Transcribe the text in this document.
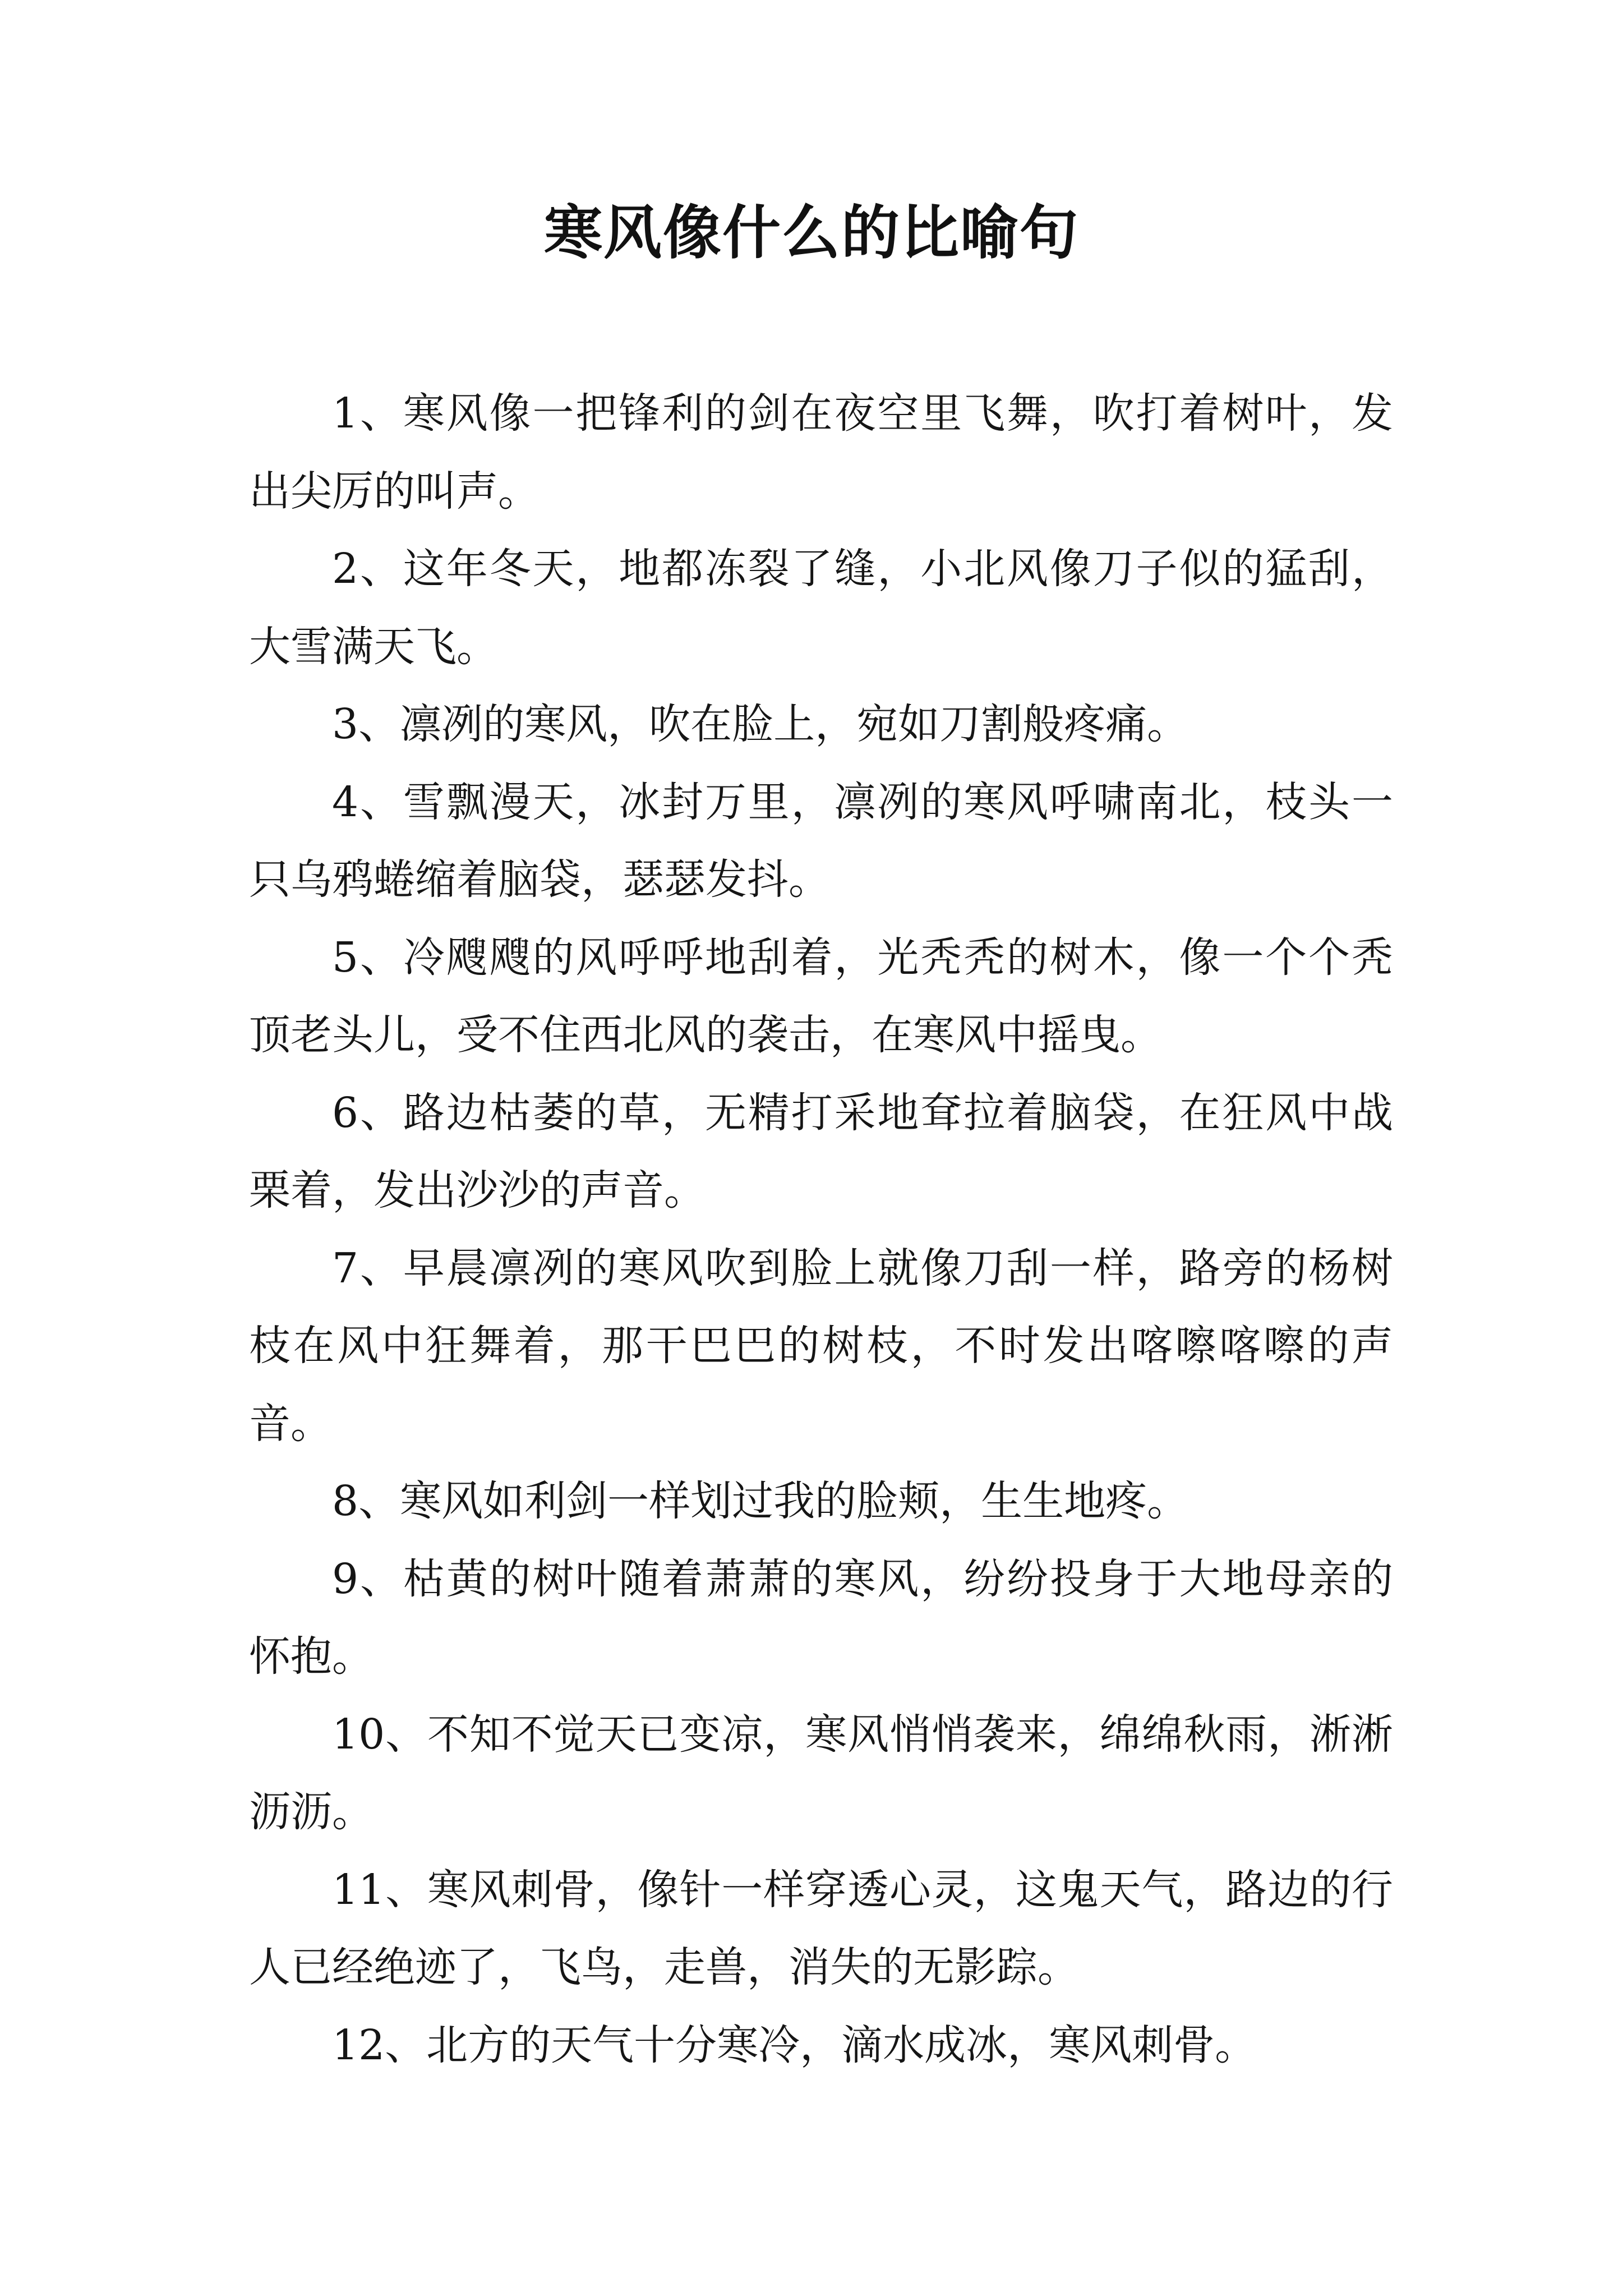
寒风像什么的比喻句

1、寒风像一把锋利的剑在夜空里飞舞，吹打着树叶，发出尖厉的叫声。

2、这年冬天，地都冻裂了缝，小北风像刀子似的猛刮，大雪满天飞。

3、凛冽的寒风，吹在脸上，宛如刀割般疼痛。

4、雪飘漫天，冰封万里，凛冽的寒风呼啸南北，枝头一只乌鸦蜷缩着脑袋，瑟瑟发抖。

5、冷飕飕的风呼呼地刮着，光秃秃的树木，像一个个秃顶老头儿，受不住西北风的袭击，在寒风中摇曳。

6、路边枯萎的草，无精打采地耷拉着脑袋，在狂风中战栗着，发出沙沙的声音。

7、早晨凛冽的寒风吹到脸上就像刀刮一样，路旁的杨树枝在风中狂舞着，那干巴巴的树枝，不时发出喀嚓喀嚓的声音。

8、寒风如利剑一样划过我的脸颊，生生地疼。

9、枯黄的树叶随着萧萧的寒风，纷纷投身于大地母亲的怀抱。

10、不知不觉天已变凉，寒风悄悄袭来，绵绵秋雨，淅淅沥沥。

11、寒风刺骨，像针一样穿透心灵，这鬼天气，路边的行人已经绝迹了，飞鸟，走兽，消失的无影踪。

12、北方的天气十分寒冷，滴水成冰，寒风刺骨。
